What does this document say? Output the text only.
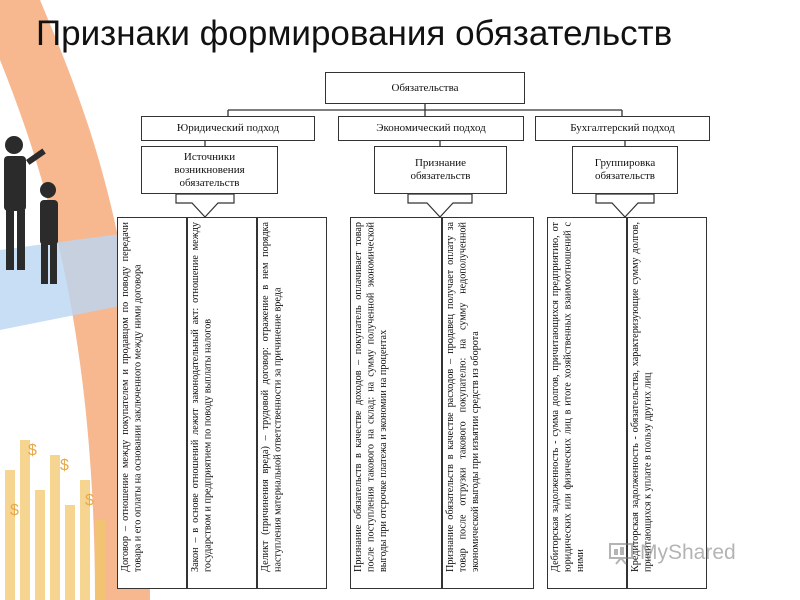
$
$
$
$
Признаки формирования обязательств
Обязательства
Юридический подход	Экономический подход	Бухгалтерский подход
Источники возникновения обязательств
Признание обязательств
Группировка обязательств
Договор – отношение между покупателем и продавцом по поводу передачи товара и его оплаты на основании заключенного между ними договора	Закон – в основе отношений лежит законодательный акт: отношение между государством и предприятием по поводу выплаты налогов	Деликт (причинения вреда) – трудовой договор: отражение в нем порядка наступления материальной ответственности за причинение вреда	Признание обязательств в качестве доходов – покупатель оплачивает товар после поступления такового на склад: на сумму полученной экономической выгоды при отсрочке платежа и экономии на процентах	Признание обязательств в качестве расходов – продавец получает оплату за товар после отгрузки такового покупателю: на сумму недополученной экономической выгоды при изъятии средств из оборота	Дебиторская задолженность - сумма долгов, причитающихся предприятию, от юридических или физических лиц в итоге хозяйственных взаимоотношений с ними	Кредиторская задолженность - обязательства, характеризующие сумму долгов, причитающихся к уплате в пользу других лиц
MyShared
